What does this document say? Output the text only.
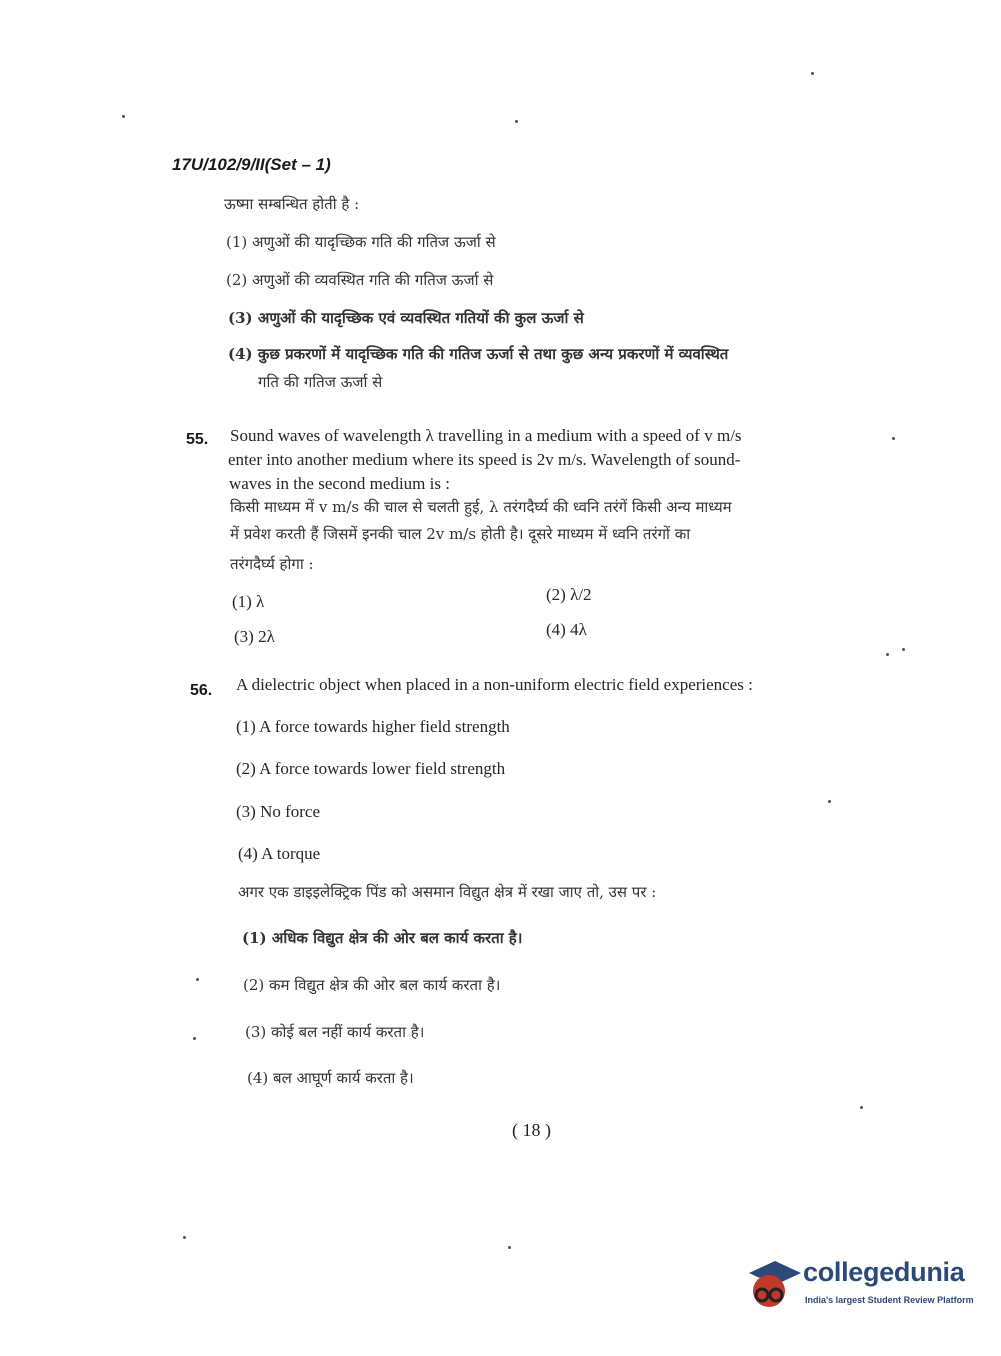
17U/102/9/II(Set – 1)
ऊष्मा सम्बन्धित होती है :
(1) अणुओं की यादृच्छिक गति की गतिज ऊर्जा से
(2) अणुओं की व्यवस्थित गति की गतिज ऊर्जा से
(3) अणुओं की यादृच्छिक एवं व्यवस्थित गतियों की कुल ऊर्जा से
(4) कुछ प्रकरणों में यादृच्छिक गति की गतिज ऊर्जा से तथा कुछ अन्य प्रकरणों में व्यवस्थित
गति की गतिज ऊर्जा से
55. Sound waves of wavelength λ travelling in a medium with a speed of v m/s
enter into another medium where its speed is 2v m/s. Wavelength of sound-
waves in the second medium is :
किसी माध्यम में v m/s की चाल से चलती हुई, λ तरंगदैर्घ्य की ध्वनि तरंगें किसी अन्य माध्यम
में प्रवेश करती हैं जिसमें इनकी चाल 2v m/s होती है। दूसरे माध्यम में ध्वनि तरंगों का
तरंगदैर्घ्य होगा :
(1) λ	(2) λ/2
(3) 2λ	(4) 4λ
56. A dielectric object when placed in a non-uniform electric field experiences :
(1) A force towards higher field strength
(2) A force towards lower field strength
(3) No force
(4) A torque
अगर एक डाइइलेक्ट्रिक पिंड को असमान विद्युत क्षेत्र में रखा जाए तो, उस पर :
(1) अधिक विद्युत क्षेत्र की ओर बल कार्य करता है।
(2) कम विद्युत क्षेत्र की ओर बल कार्य करता है।
(3) कोई बल नहीं कार्य करता है।
(4) बल आघूर्ण कार्य करता है।
( 18 )
collegedunia
India's largest Student Review Platform
